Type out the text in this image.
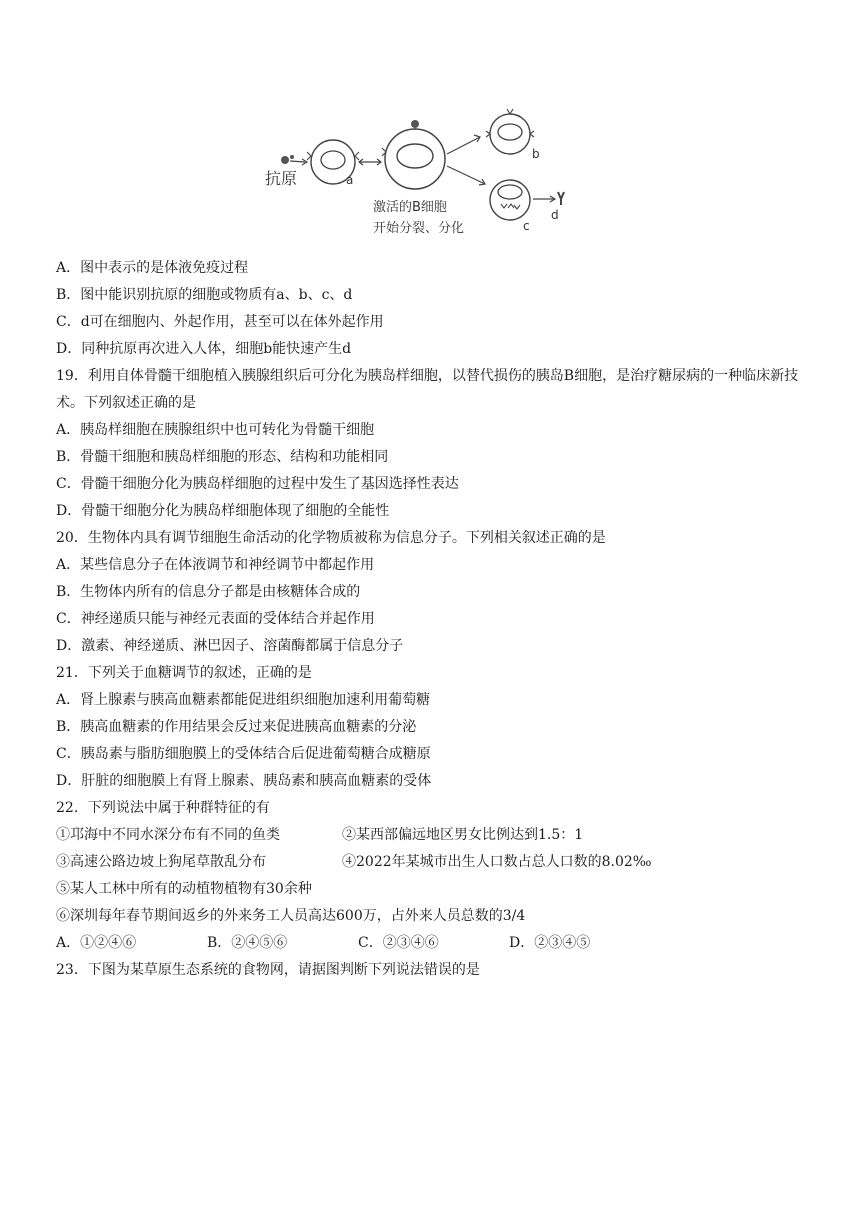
抗原	a
激活的B细胞
开始分裂、分化
b
c
d
A．图中表示的是体液免疫过程
B．图中能识别抗原的细胞或物质有a、b、c、d
C．d可在细胞内、外起作用，甚至可以在体外起作用
D．同种抗原再次进入人体，细胞b能快速产生d
19．利用自体骨髓干细胞植入胰腺组织后可分化为胰岛样细胞，以替代损伤的胰岛B细胞，是治疗糖尿病的一种临床新技术。下列叙述正确的是
A．胰岛样细胞在胰腺组织中也可转化为骨髓干细胞
B．骨髓干细胞和胰岛样细胞的形态、结构和功能相同
C．骨髓干细胞分化为胰岛样细胞的过程中发生了基因选择性表达
D．骨髓干细胞分化为胰岛样细胞体现了细胞的全能性
20．生物体内具有调节细胞生命活动的化学物质被称为信息分子。下列相关叙述正确的是
A．某些信息分子在体液调节和神经调节中都起作用
B．生物体内所有的信息分子都是由核糖体合成的
C．神经递质只能与神经元表面的受体结合并起作用
D．激素、神经递质、淋巴因子、溶菌酶都属于信息分子
21．下列关于血糖调节的叙述，正确的是
A．肾上腺素与胰高血糖素都能促进组织细胞加速利用葡萄糖
B．胰高血糖素的作用结果会反过来促进胰高血糖素的分泌
C．胰岛素与脂肪细胞膜上的受体结合后促进葡萄糖合成糖原
D．肝脏的细胞膜上有肾上腺素、胰岛素和胰高血糖素的受体
22．下列说法中属于种群特征的有
①邛海中不同水深分布有不同的鱼类	②某西部偏远地区男女比例达到1.5：1
③高速公路边坡上狗尾草散乱分布	④2022年某城市出生人口数占总人口数的8.02‰
⑤某人工林中所有的动植物植物有30余种
⑥深圳每年春节期间返乡的外来务工人员高达600万，占外来人员总数的3/4
A．①②④⑥	B．②④⑤⑥	C．②③④⑥	D．②③④⑤
23．下图为某草原生态系统的食物网，请据图判断下列说法错误的是
